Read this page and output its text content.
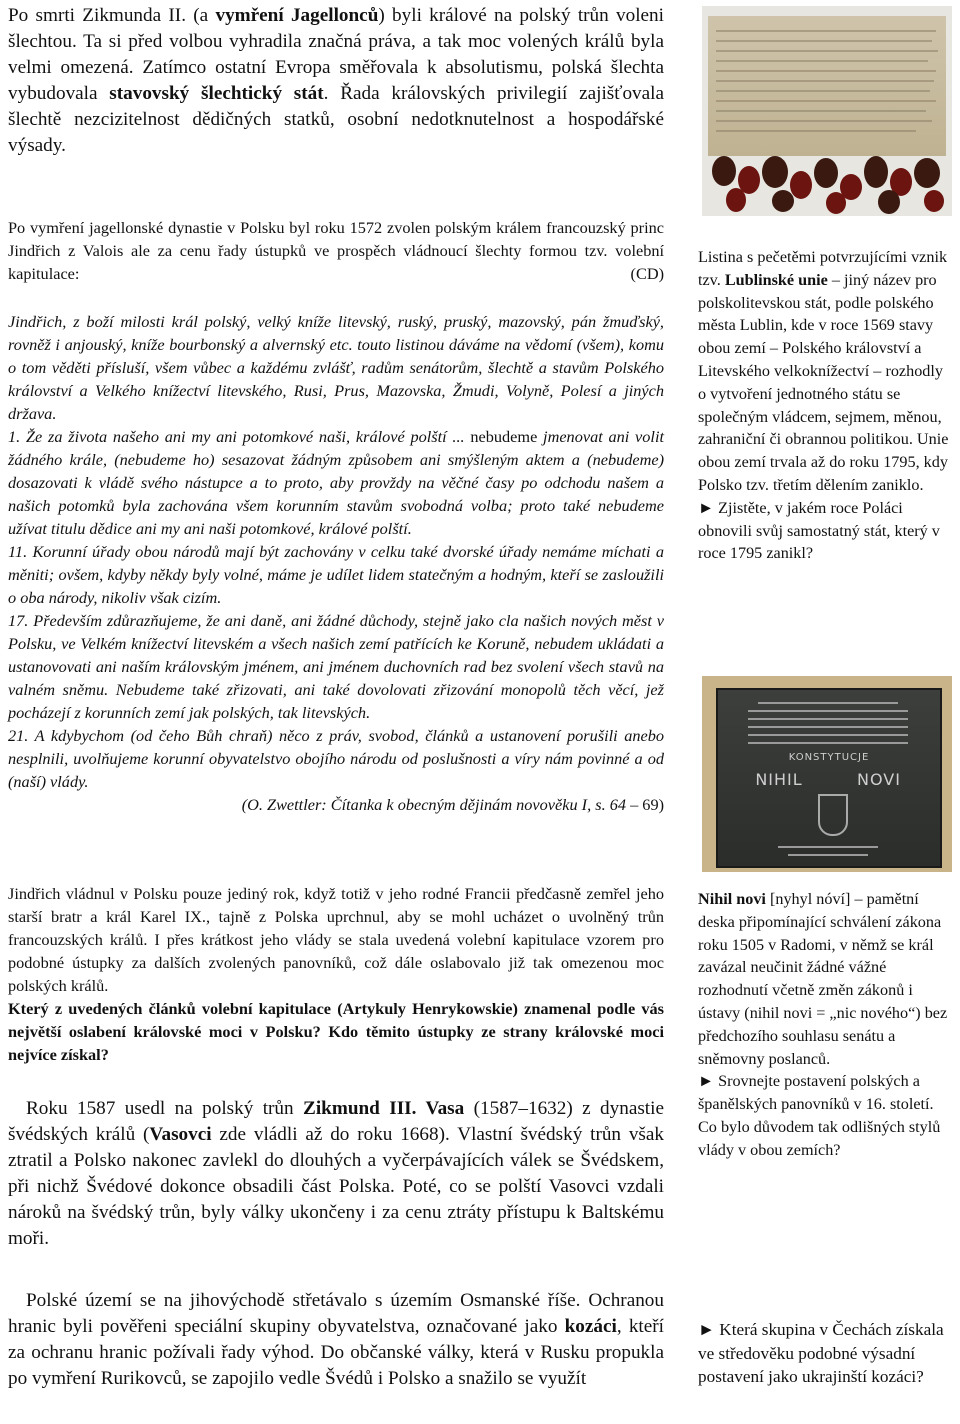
Po smrti Zikmunda II. (a vymření Jagellonců) byli králové na polský trůn voleni šlechtou. Ta si před volbou vyhradila značná práva, a tak moc volených králů byla velmi omezená. Zatímco ostatní Evropa směřovala k absolutismu, polská šlechta vybudovala stavovský šlechtický stát. Řada královských privilegií zajišťovala šlechtě nezcizitelnost dědičných statků, osobní nedotknutelnost a hospodářské výsady.

Po vymření jagellonské dynastie v Polsku byl roku 1572 zvolen polským králem francouzský princ Jindřich z Valois ale za cenu řady ústupků ve prospěch vládnoucí šlechty formou tzv. volební kapitulace:	(CD)

Jindřich, z boží milosti král polský, velký kníže litevský, ruský, pruský, mazovský, pán žmuďský, rovněž i anjouský, kníže bourbonský a alvernský etc. touto listinou dáváme na vědomí (všem), komu o tom věděti přísluší, všem vůbec a každému zvlášť, radům senátorům, šlechtě a stavům Polského království a Velkého knížectví litevského, Rusi, Prus, Mazovska, Žmudi, Volyně, Polesí a jiných država.

1. Že za života našeho ani my ani potomkové naši, králové polští ... nebudeme jmenovat ani volit žádného krále, (nebudeme ho) sesazovat žádným způsobem ani smýšleným aktem a (nebudeme) dosazovati k vládě svého nástupce a to proto, aby provždy na věčné časy po odchodu našem a našich potomků byla zachována všem korunním stavům svobodná volba; proto také nebudeme užívat titulu dědice ani my ani naši potomkové, králové polští.

11. Korunní úřady obou národů mají být zachovány v celku také dvorské úřady nemáme míchati a měniti; ovšem, kdyby někdy byly volné, máme je udílet lidem statečným a hodným, kteří se zasloužili o oba národy, nikoliv však cizím.

17. Především zdůrazňujeme, že ani daně, ani žádné důchody, stejně jako cla našich nových měst v Polsku, ve Velkém knížectví litevském a všech našich zemí patřících ke Koruně, nebudem ukládati a ustanovovati ani naším královským jménem, ani jménem duchovních rad bez svolení všech stavů na valném sněmu. Nebudeme také zřizovati, ani také dovolovati zřizování monopolů těch věcí, jež pocházejí z korunních zemí jak polských, tak litevských.

21. A kdybychom (od čeho Bůh chraň) něco z práv, svobod, článků a ustanovení porušili anebo nesplnili, uvolňujeme korunní obyvatelstvo obojího národu od poslušnosti a víry nám povinné a od (naší) vlády.

(O. Zwettler: Čítanka k obecným dějinám novověku I, s. 64 – 69)

Jindřich vládnul v Polsku pouze jediný rok, když totiž v jeho rodné Francii předčasně zemřel jeho starší bratr a král Karel IX., tajně z Polska uprchnul, aby se mohl ucházet o uvolněný trůn francouzských králů. I přes krátkost jeho vlády se stala uvedená volební kapitulace vzorem pro podobné ústupky za dalších zvolených panovníků, což dále oslabovalo již tak omezenou moc polských králů.

Který z uvedených článků volební kapitulace (Artykuly Henrykowskie) znamenal podle vás největší oslabení královské moci v Polsku? Kdo těmito ústupky ze strany královské moci nejvíce získal?

Roku 1587 usedl na polský trůn Zikmund III. Vasa (1587–1632) z dynastie švédských králů (Vasovci zde vládli až do roku 1668). Vlastní švédský trůn však ztratil a Polsko nakonec zavlekl do dlouhých a vyčerpávajících válek se Švédskem, při nichž Švédové dokonce obsadili část Polska. Poté, co se polští Vasovci vzdali nároků na švédský trůn, byly války ukončeny i za cenu ztráty přístupu k Baltskému moři.

Polské území se na jihovýchodě střetávalo s územím Osmanské říše. Ochranou hranic byli pověřeni speciální skupiny obyvatelstva, označované jako kozáci, kteří za ochranu hranic požívali řady výhod. Do občanské války, která v Rusku propukla po vymření Rurikovců, se zapojilo vedle Švédů i Polsko a snažilo se využít

Listina s pečetěmi potvrzujícími vznik tzv. Lublinské unie – jiný název pro polskolitevskou stát, podle polského města Lublin, kde v roce 1569 stavy obou zemí – Polského království a Litevského velkoknížectví – rozhodly o vytvoření jednotného státu se společným vládcem, sejmem, měnou, zahraniční či obrannou politikou. Unie obou zemí trvala až do roku 1795, kdy Polsko tzv. třetím dělením zaniklo.

► Zjistěte, v jakém roce Poláci obnovili svůj samostatný stát, který v roce 1795 zanikl?

KONSTYTUCJE
NIHIL	NOVI

Nihil novi [nyhyl nóví] – pamětní deska připomínající schválení zákona roku 1505 v Radomi, v němž se král zavázal neučinit žádné vážné rozhodnutí včetně změn zákonů i ústavy (nihil novi = „nic nového“) bez předchozího souhlasu senátu a sněmovny poslanců.

► Srovnejte postavení polských a španělských panovníků v 16. století. Co bylo důvodem tak odlišných stylů vlády v obou zemích?

► Která skupina v Čechách získala ve středověku podobné výsadní postavení jako ukrajinští kozáci?
